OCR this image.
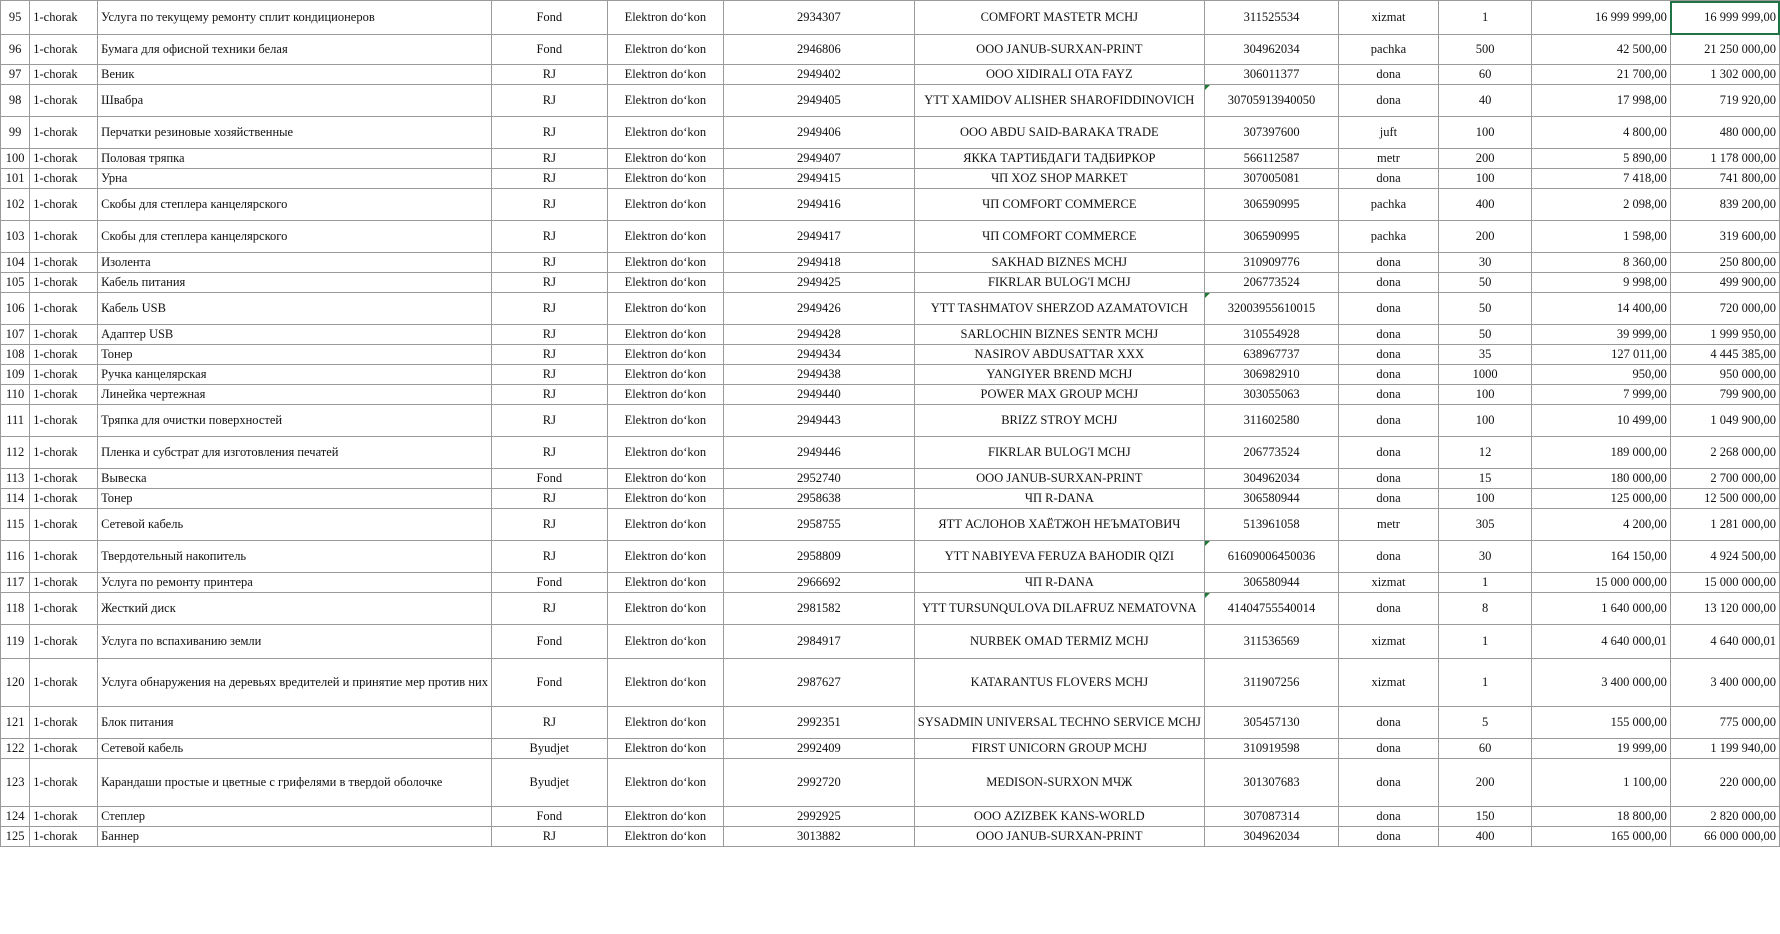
95	1-chorak	Услуга по текущему ремонту сплит кондиционеров	Fond	Elektron do‘kon	2934307	COMFORT MASTETR MCHJ	311525534	xizmat	1	16 999 999,00	16 999 999,00
96	1-chorak	Бумага для офисной техники белая	Fond	Elektron do‘kon	2946806	ООО JANUB-SURXAN-PRINT	304962034	pachka	500	42 500,00	21 250 000,00
97	1-chorak	Веник	RJ	Elektron do‘kon	2949402	ООО XIDIRALI OTA FAYZ	306011377	dona	60	21 700,00	1 302 000,00
98	1-chorak	Швабра	RJ	Elektron do‘kon	2949405	YTT XAMIDOV ALISHER SHAROFIDDINOVICH	30705913940050	dona	40	17 998,00	719 920,00
99	1-chorak	Перчатки резиновые хозяйственные	RJ	Elektron do‘kon	2949406	ООО ABDU SAID-BARAKA TRADE	307397600	juft	100	4 800,00	480 000,00
100	1-chorak	Половая тряпка	RJ	Elektron do‘kon	2949407	ЯККА ТАРТИБДАГИ ТАДБИРКОР	566112587	metr	200	5 890,00	1 178 000,00
101	1-chorak	Урна	RJ	Elektron do‘kon	2949415	ЧП XOZ SHOP MARKET	307005081	dona	100	7 418,00	741 800,00
102	1-chorak	Скобы для степлера канцелярского	RJ	Elektron do‘kon	2949416	ЧП COMFORT COMMERCE	306590995	pachka	400	2 098,00	839 200,00
103	1-chorak	Скобы для степлера канцелярского	RJ	Elektron do‘kon	2949417	ЧП COMFORT COMMERCE	306590995	pachka	200	1 598,00	319 600,00
104	1-chorak	Изолента	RJ	Elektron do‘kon	2949418	SAKHAD BIZNES MCHJ	310909776	dona	30	8 360,00	250 800,00
105	1-chorak	Кабель питания	RJ	Elektron do‘kon	2949425	FIKRLAR BULOG'I MCHJ	206773524	dona	50	9 998,00	499 900,00
106	1-chorak	Кабель USB	RJ	Elektron do‘kon	2949426	YTT TASHMATOV SHERZOD AZAMATOVICH	32003955610015	dona	50	14 400,00	720 000,00
107	1-chorak	Адаптер USB	RJ	Elektron do‘kon	2949428	SARLOCHIN BIZNES SENTR MCHJ	310554928	dona	50	39 999,00	1 999 950,00
108	1-chorak	Тонер	RJ	Elektron do‘kon	2949434	NASIROV ABDUSATTAR XXX	638967737	dona	35	127 011,00	4 445 385,00
109	1-chorak	Ручка канцелярская	RJ	Elektron do‘kon	2949438	YANGIYER BREND MCHJ	306982910	dona	1000	950,00	950 000,00
110	1-chorak	Линейка чертежная	RJ	Elektron do‘kon	2949440	POWER MAX GROUP MCHJ	303055063	dona	100	7 999,00	799 900,00
111	1-chorak	Тряпка для очистки поверхностей	RJ	Elektron do‘kon	2949443	BRIZZ STROY MCHJ	311602580	dona	100	10 499,00	1 049 900,00
112	1-chorak	Пленка и субстрат для изготовления печатей	RJ	Elektron do‘kon	2949446	FIKRLAR BULOG'I MCHJ	206773524	dona	12	189 000,00	2 268 000,00
113	1-chorak	Вывеска	Fond	Elektron do‘kon	2952740	ООО JANUB-SURXAN-PRINT	304962034	dona	15	180 000,00	2 700 000,00
114	1-chorak	Тонер	RJ	Elektron do‘kon	2958638	ЧП R-DANA	306580944	dona	100	125 000,00	12 500 000,00
115	1-chorak	Сетевой кабель	RJ	Elektron do‘kon	2958755	ЯТТ АСЛОНОВ ХАЁТЖОН НЕЪМАТОВИЧ	513961058	metr	305	4 200,00	1 281 000,00
116	1-chorak	Твердотельный накопитель	RJ	Elektron do‘kon	2958809	YTT NABIYEVA FERUZA BAHODIR QIZI	61609006450036	dona	30	164 150,00	4 924 500,00
117	1-chorak	Услуга по ремонту принтера	Fond	Elektron do‘kon	2966692	ЧП R-DANA	306580944	xizmat	1	15 000 000,00	15 000 000,00
118	1-chorak	Жесткий диск	RJ	Elektron do‘kon	2981582	YTT TURSUNQULOVA DILAFRUZ NEMATOVNA	41404755540014	dona	8	1 640 000,00	13 120 000,00
119	1-chorak	Услуга по вспахиванию земли	Fond	Elektron do‘kon	2984917	NURBEK OMAD TERMIZ MCHJ	311536569	xizmat	1	4 640 000,01	4 640 000,01
120	1-chorak	Услуга обнаружения на деревьях вредителей и принятие мер против них	Fond	Elektron do‘kon	2987627	KATARANTUS FLOVERS MCHJ	311907256	xizmat	1	3 400 000,00	3 400 000,00
121	1-chorak	Блок питания	RJ	Elektron do‘kon	2992351	SYSADMIN UNIVERSAL TECHNO SERVICE MCHJ	305457130	dona	5	155 000,00	775 000,00
122	1-chorak	Сетевой кабель	Byudjet	Elektron do‘kon	2992409	FIRST UNICORN GROUP MCHJ	310919598	dona	60	19 999,00	1 199 940,00
123	1-chorak	Карандаши простые и цветные с грифелями в твердой оболочке	Byudjet	Elektron do‘kon	2992720	MEDISON-SURXON МЧЖ	301307683	dona	200	1 100,00	220 000,00
124	1-chorak	Степлер	Fond	Elektron do‘kon	2992925	ООО AZIZBEK KANS-WORLD	307087314	dona	150	18 800,00	2 820 000,00
125	1-chorak	Баннер	RJ	Elektron do‘kon	3013882	ООО JANUB-SURXAN-PRINT	304962034	dona	400	165 000,00	66 000 000,00
